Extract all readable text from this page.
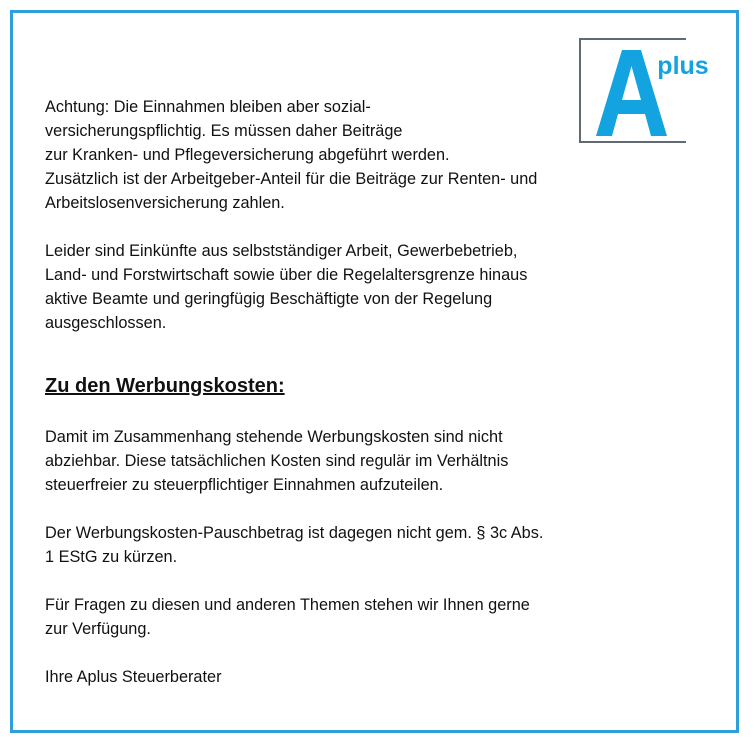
plus

Achtung: Die Einnahmen bleiben aber sozial-

versicherungspflichtig. Es müssen daher Beiträge

zur Kranken- und Pflegeversicherung abgeführt werden.

Zusätzlich ist der Arbeitgeber-Anteil für die Beiträge zur Renten- und

Arbeitslosenversicherung zahlen.

Leider sind Einkünfte aus selbstständiger Arbeit, Gewerbebetrieb,

Land- und Forstwirtschaft sowie über die Regelaltersgrenze hinaus

aktive Beamte und geringfügig Beschäftigte von der Regelung

ausgeschlossen.

Zu den Werbungskosten:

Damit im Zusammenhang stehende Werbungskosten sind nicht

abziehbar. Diese tatsächlichen Kosten sind regulär im Verhältnis

steuerfreier zu steuerpflichtiger Einnahmen aufzuteilen.

Der Werbungskosten-Pauschbetrag ist dagegen nicht gem. § 3c Abs.

1 EStG zu kürzen.

Für Fragen zu diesen und anderen Themen stehen wir Ihnen gerne

zur Verfügung.

Ihre Aplus Steuerberater
